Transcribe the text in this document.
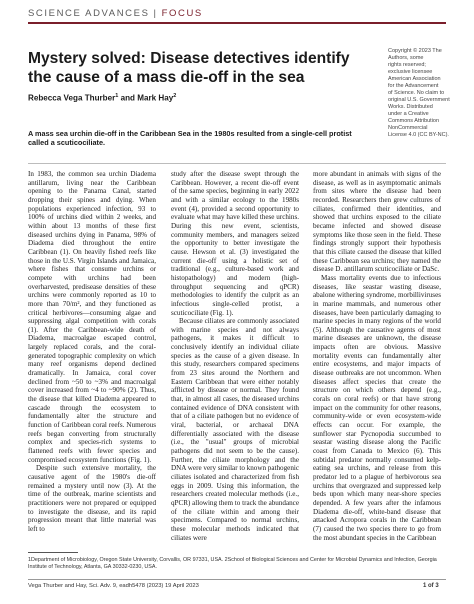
SCIENCE ADVANCES | FOCUS
Mystery solved: Disease detectives identify the cause of a mass die-off in the sea
Rebecca Vega Thurber$^1$ and Mark Hay$^2$
A mass sea urchin die-off in the Caribbean Sea in the 1980s resulted from a single-cell protist called a scuticociliate.
Copyright © 2023 The
Authors, some
rights reserved;
exclusive licensee
American Association
for the Advancement
of Science. No claim to
original U.S. Government
Works. Distributed
under a Creative
Commons Attribution
NonCommercial
License 4.0 (CC BY-NC).

In 1983, the common sea urchin Diadema antillarum, living near the Caribbean opening to the Panama Canal, started dropping their spines and dying. When populations experienced infection, 93 to 100% of urchins died within 2 weeks, and within about 13 months of these first diseased urchins dying in Panama, 98% of Diadema died throughout the entire Caribbean (1). On heavily fished reefs like those in the U.S. Virgin Islands and Jamaica, where fishes that consume urchins or compete with urchins had been overharvested, predisease densities of these urchins were commonly reported as 10 to more than 70/m², and they functioned as critical herbivores—consuming algae and suppressing algal competition with corals (1). After the Caribbean-wide death of Diadema, macroalgae escaped control, largely replaced corals, and the coral-generated topographic complexity on which many reef organisms depend declined dramatically. In Jamaica, coral cover declined from ~50 to ~3% and macroalgal cover increased from ~4 to ~90% (2). Thus, the disease that killed Diadema appeared to cascade through the ecosystem to fundamentally alter the structure and function of Caribbean coral reefs. Numerous reefs began converting from structurally complex and species-rich systems to flattened reefs with fewer species and compromised ecosystem functions (Fig. 1).

Despite such extensive mortality, the causative agent of the 1980's die-off remained a mystery until now (3). At the time of the outbreak, marine scientists and practitioners were not prepared or equipped to investigate the disease, and its rapid progression meant that little material was left to

study after the disease swept through the Caribbean. However, a recent die-off event of the same species, beginning in early 2022 and with a similar ecology to the 1980s event (4), provided a second opportunity to evaluate what may have killed these urchins. During this new event, scientists, community members, and managers seized the opportunity to better investigate the cause. Hewson et al. (3) investigated the current die-off using a holistic set of traditional (e.g., culture-based work and histopathology) and modern (high-throughput sequencing and qPCR) methodologies to identify the culprit as an infectious single-celled protist, a scuticociliate (Fig. 1).

Because ciliates are commonly associated with marine species and not always pathogens, it makes it difficult to conclusively identify an individual ciliate species as the cause of a given disease. In this study, researchers compared specimens from 23 sites around the Northern and Eastern Caribbean that were either notably afflicted by disease or normal. They found that, in almost all cases, the diseased urchins contained evidence of DNA consistent with that of a ciliate pathogen but no evidence of viral, bacterial, or archaeal DNA differentially associated with the disease (i.e., the "usual" groups of microbial pathogens did not seem to be the cause). Further, the ciliate morphology and the DNA were very similar to known pathogenic ciliates isolated and characterized from fish eggs in 2009. Using this information, the researchers created molecular methods (i.e., qPCR) allowing them to track the abundance of the ciliate within and among their specimens. Compared to normal urchins, these molecular methods indicated that ciliates were

more abundant in animals with signs of the disease, as well as in asymptomatic animals from sites where the disease had been recorded. Researchers then grew cultures of ciliates, confirmed their identities, and showed that urchins exposed to the ciliate became infected and showed disease symptoms like those seen in the field. These findings strongly support their hypothesis that this ciliate caused the disease that killed these Caribbean sea urchins; they named the disease D. antillarum scuticociliate or DaSc.

Mass mortality events due to infectious diseases, like seastar wasting disease, abalone withering syndrome, morbilliviruses in marine mammals, and numerous other diseases, have been particularly damaging to marine species in many regions of the world (5). Although the causative agents of most marine diseases are unknown, the disease impacts often are obvious. Massive mortality events can fundamentally alter entire ecosystems, and major impacts of disease outbreaks are not uncommon. When diseases affect species that create the structure on which others depend (e.g., corals on coral reefs) or that have strong impact on the community for other reasons, community-wide or even ecosystem-wide effects can occur. For example, the sunflower star Pycnopodia succumbed to seastar wasting disease along the Pacific coast from Canada to Mexico (6). This subtidal predator normally consumed kelp-eating sea urchins, and release from this predator led to a plague of herbivorous sea urchins that overgrazed and suppressed kelp beds upon which many near-shore species depended. A few years after the infamous Diadema die-off, white-band disease that attacked Acropora corals in the Caribbean (7) caused the two species there to go from the most abundant species in the Caribbean

1Department of Microbiology, Oregon State University, Corvallis, OR 97331, USA. 2School of Biological Sciences and Center for Microbial Dynamics and Infection, Georgia Institute of Technology, Atlanta, GA 30332-0230, USA.
Vega Thurber and Hay, Sci. Adv. 9, eadh5478 (2023) 19 April 2023	1 of 3
